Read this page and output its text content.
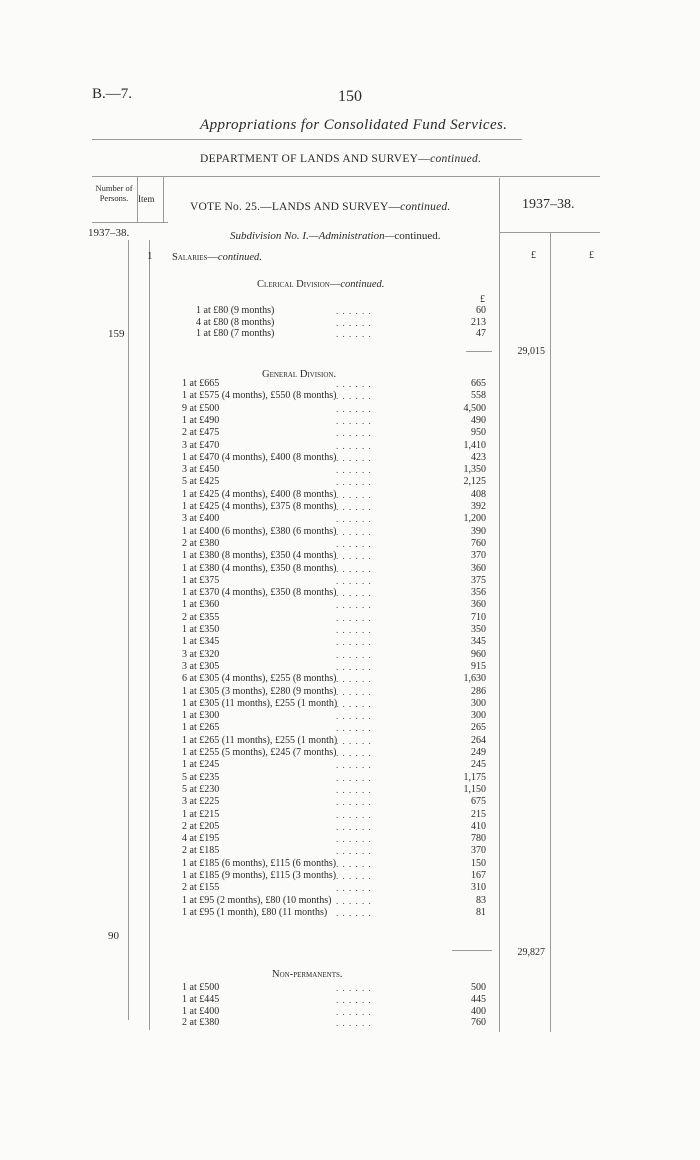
B.—7.	150
Appropriations for Consolidated Fund Services.
DEPARTMENT OF LANDS AND SURVEY—continued.
Number of Persons.	Item	1937–38.
VOTE No. 25.—LANDS AND SURVEY—continued.
Subdivision No. I.—Administration—continued.
1937–38.
1
159
90
£	£
Salaries—continued.
Clerical Division—continued.
£
1 at £80 (9 months)	. . . . . .	60
4 at £80 (8 months)	. . . . . .	213
1 at £80 (7 months)	. . . . . .	47
29,015
General Division.
1 at £665	. . . . . .	665
1 at £575 (4 months), £550 (8 months) . . . . . .	558
9 at £500	. . . . . .	4,500
1 at £490	. . . . . .	490
2 at £475	. . . . . .	950
3 at £470	. . . . . .	1,410
1 at £470 (4 months), £400 (8 months) . . . . . .	423
3 at £450	. . . . . .	1,350
5 at £425	. . . . . .	2,125
1 at £425 (4 months), £400 (8 months) . . . . . .	408
1 at £425 (4 months), £375 (8 months) . . . . . .	392
3 at £400	. . . . . .	1,200
1 at £400 (6 months), £380 (6 months) . . . . . .	390
2 at £380	. . . . . .	760
1 at £380 (8 months), £350 (4 months) . . . . . .	370
1 at £380 (4 months), £350 (8 months) . . . . . .	360
1 at £375	. . . . . .	375
1 at £370 (4 months), £350 (8 months) . . . . . .	356
1 at £360	. . . . . .	360
2 at £355	. . . . . .	710
1 at £350	. . . . . .	350
1 at £345	. . . . . .	345
3 at £320	. . . . . .	960
3 at £305	. . . . . .	915
6 at £305 (4 months), £255 (8 months) . . . . . .	1,630
1 at £305 (3 months), £280 (9 months) . . . . . .	286
1 at £305 (11 months), £255 (1 month)
. . . . . .	300
1 at £300	. . . . . .	300
1 at £265	. . . . . .	265
1 at £265 (11 months), £255 (1 month)
. . . . . .	264
1 at £255 (5 months), £245 (7 months) . . . . . .	249
1 at £245	. . . . . .	245
5 at £235	. . . . . .	1,175
5 at £230	. . . . . .	1,150
3 at £225	. . . . . .	675
1 at £215	. . . . . .	215
2 at £205	. . . . . .	410
4 at £195	. . . . . .	780
2 at £185	. . . . . .	370
1 at £185 (6 months), £115 (6 months) . . . . . .	150
1 at £185 (9 months), £115 (3 months) . . . . . .	167
2 at £155	. . . . . .	310
1 at £95 (2 months), £80 (10 months) . . . . . .	83
1 at £95 (1 month), £80 (11 months) . . . . . .	81
29,827
Non-permanents.
1 at £500	. . . . . .	500
1 at £445	. . . . . .	445
1 at £400	. . . . . .	400
2 at £380	. . . . . .	760
